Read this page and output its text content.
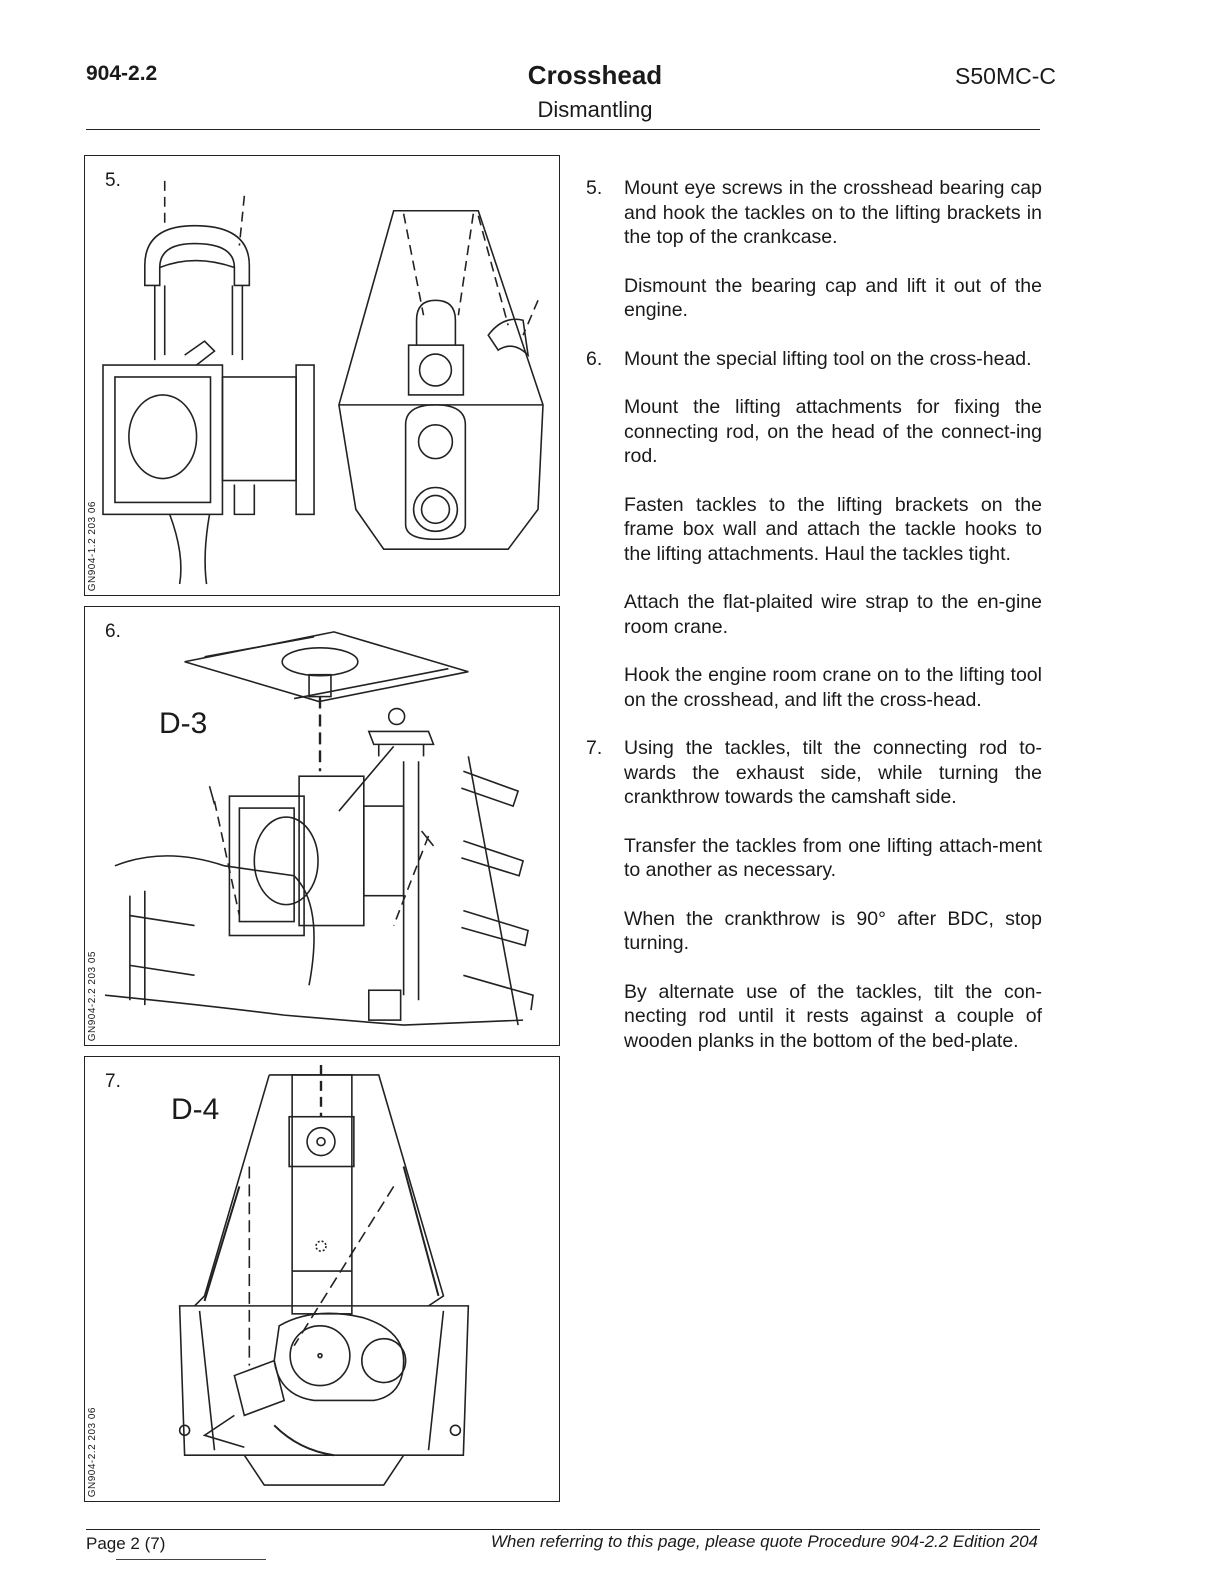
904-2.2	Crosshead
Dismantling
S50MC-C
5.
GN904-1.2 203 06
6.
D-3
GN904-2.2 203 05
7.
D-4
GN904-2.2 203 06
5.	Mount eye screws in the crosshead bearing cap and hook the tackles on to the lifting brackets in the top of the crankcase.

Dismount the bearing cap and lift it out of the engine.

6.	Mount the special lifting tool on the cross-head.

Mount the lifting attachments for fixing the connecting rod, on the head of the connect-ing rod.

Fasten tackles to the lifting brackets on the frame box wall and attach the tackle hooks to the lifting attachments. Haul the tackles tight.

Attach the flat-plaited wire strap to the en-gine room crane.

Hook the engine room crane on to the lifting tool on the crosshead, and lift the cross-head.

7.	Using the tackles, tilt the connecting rod to-wards the exhaust side, while turning the crankthrow towards the camshaft side.

Transfer the tackles from one lifting attach-ment to another as necessary.

When the crankthrow is 90° after BDC, stop turning.

By alternate use of the tackles, tilt the con-necting rod until it rests against a couple of wooden planks in the bottom of the bed-plate.

Page 2 (7)	When referring to this page, please quote Procedure 904-2.2 Edition 204
